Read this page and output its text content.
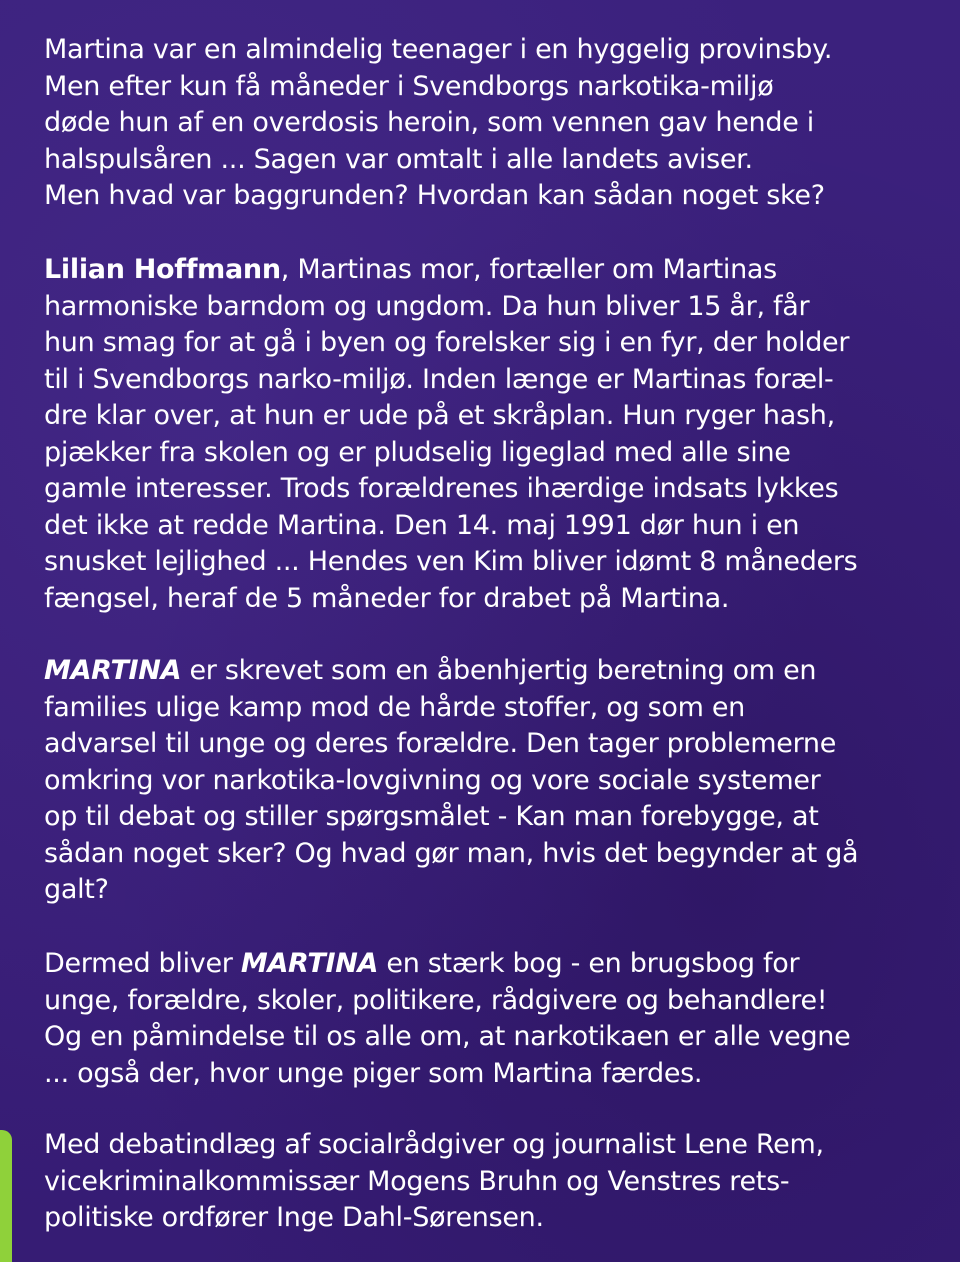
Martina var en almindelig teenager i en hyggelig provinsby.
Men efter kun få måneder i Svendborgs narkotika-miljø
døde hun af en overdosis heroin, som vennen gav hende i
halspulsåren ... Sagen var omtalt i alle landets aviser.
Men hvad var baggrunden? Hvordan kan sådan noget ske?
Lilian Hoffmann, Martinas mor, fortæller om Martinas
harmoniske barndom og ungdom. Da hun bliver 15 år, får
hun smag for at gå i byen og forelsker sig i en fyr, der holder
til i Svendborgs narko-miljø. Inden længe er Martinas foræl-
dre klar over, at hun er ude på et skråplan. Hun ryger hash,
pjækker fra skolen og er pludselig ligeglad med alle sine
gamle interesser. Trods forældrenes ihærdige indsats lykkes
det ikke at redde Martina. Den 14. maj 1991 dør hun i en
snusket lejlighed ... Hendes ven Kim bliver idømt 8 måneders
fængsel, heraf de 5 måneder for drabet på Martina.
MARTINA er skrevet som en åbenhjertig beretning om en
families ulige kamp mod de hårde stoffer, og som en
advarsel til unge og deres forældre. Den tager problemerne
omkring vor narkotika-lovgivning og vore sociale systemer
op til debat og stiller spørgsmålet - Kan man forebygge, at
sådan noget sker? Og hvad gør man, hvis det begynder at gå
galt?
Dermed bliver MARTINA en stærk bog - en brugsbog for
unge, forældre, skoler, politikere, rådgivere og behandlere!
Og en påmindelse til os alle om, at narkotikaen er alle vegne
... også der, hvor unge piger som Martina færdes.
Med debatindlæg af socialrådgiver og journalist Lene Rem,
vicekriminalkommissær Mogens Bruhn og Venstres rets-
politiske ordfører Inge Dahl-Sørensen.
